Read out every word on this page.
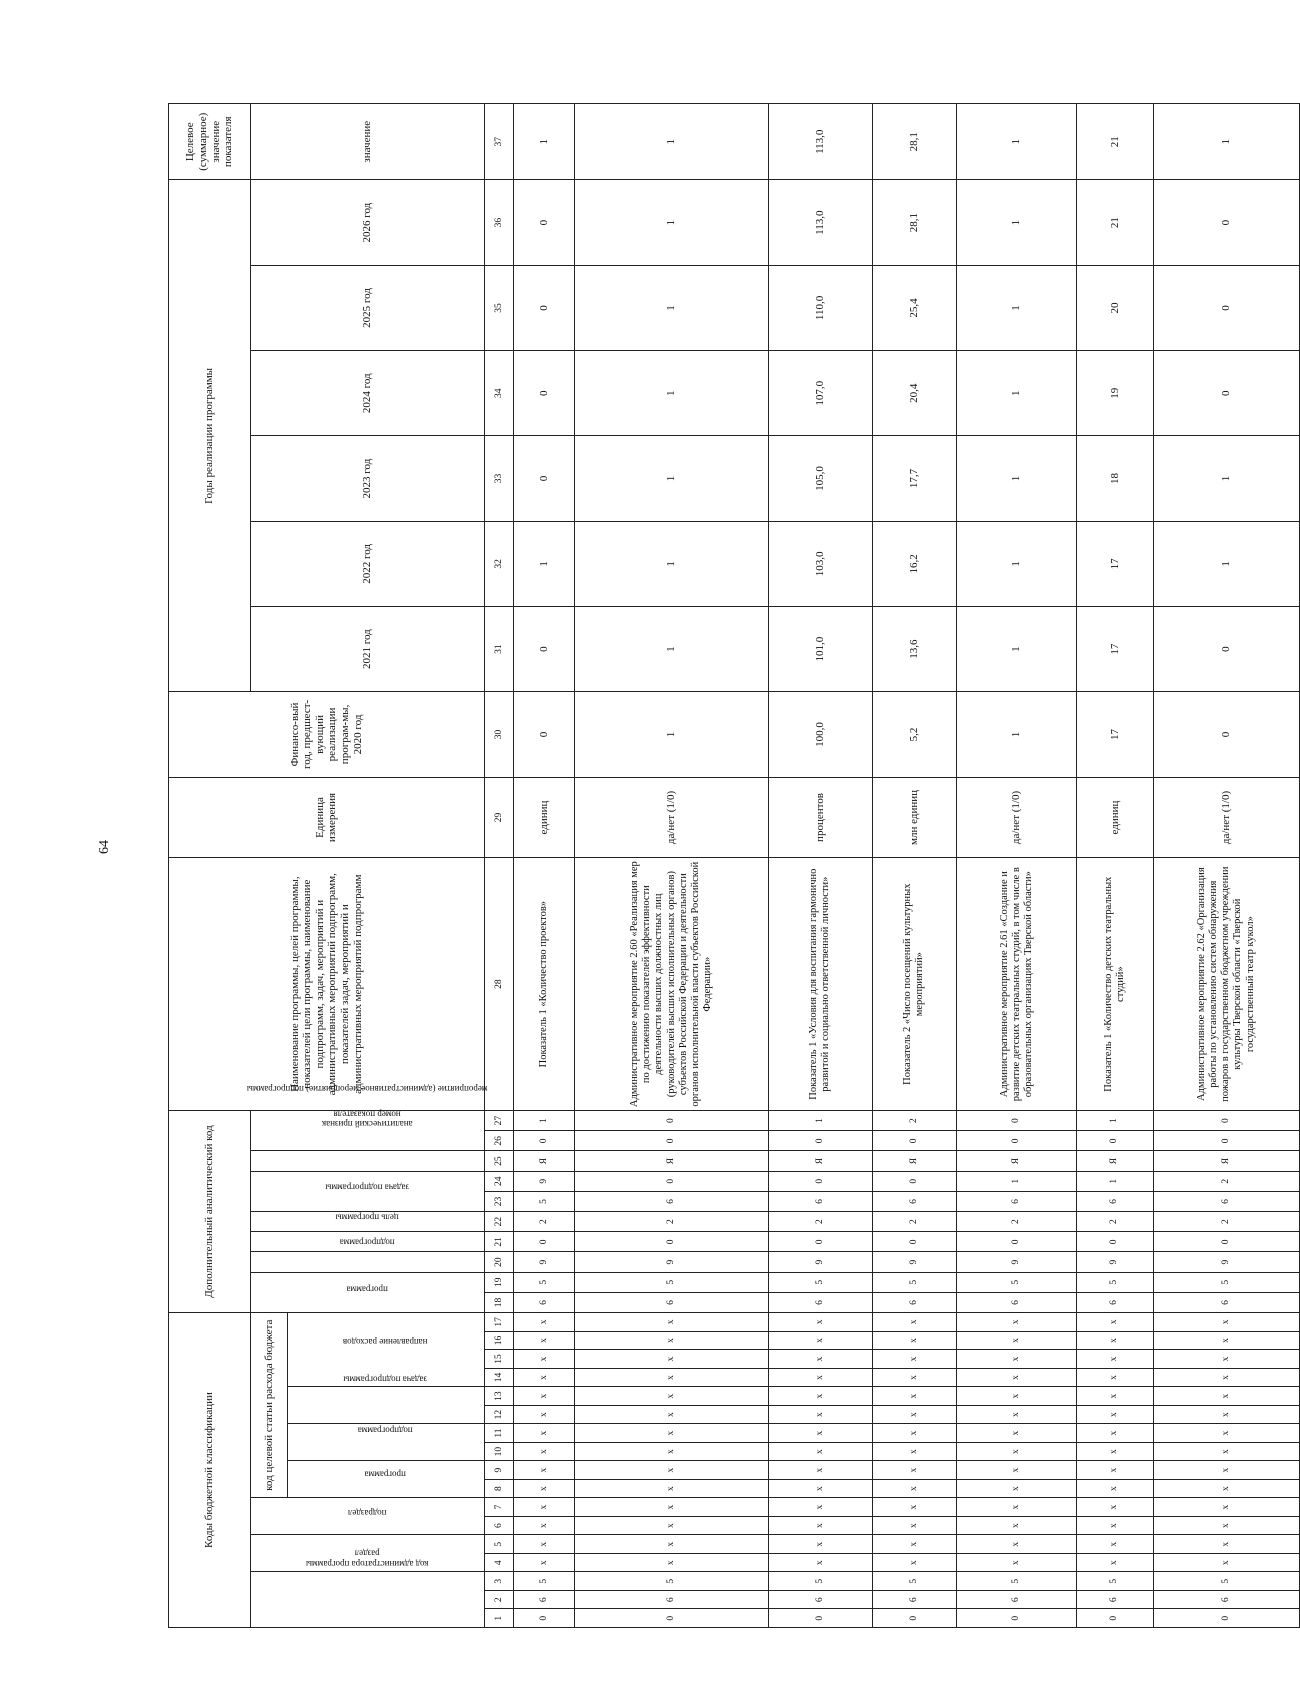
64
Коды бюджетной классификации																	Дополнительный аналитический код										Наименование программы, целей программы, показателей цели программы, наименование подпрограмм, задач, мероприятий и административных мероприятий подпрограмм, показателей задач, мероприятий и административных мероприятий подпрограмм	Единица измерения	Финансо-вый год, предшест-вующий реализации програм-мы, 2020 год	Годы реализации программы						Целевое (суммарное) значение показателя
код администратора программы			раздел		подраздел		код целевой статьи расхода бюджета										программа		подпрограмма	цель программы	задача подпрограммы	мероприятие (административное мероприятие) подпрограммы		аналитический признак	номер показателя					2021 год	2022 год	2023 год	2024 год	2025 год	2026 год	значение
							программа		подпрограмма		задача подпрограммы		направление расходов																							
1	2	3	4	5	6	7	8	9	10	11	12	13	14	15	16	17	18	19	20	21	22	23	24	25	26	27	28	29	30	31	32	33	34	35	36	37
0	6	5	х	х	х	х	х	х	х	х	х	х	х	х	х	х	6	5	9	0	2	5	9	Я	0	1	Показатель 1 «Количество проектов»	единиц	0	0	1	0	0	0	0	1
0	6	5	х	х	х	х	х	х	х	х	х	х	х	х	х	х	6	5	9	0	2	6	0	Я	0	0	Административное мероприятие 2.60 «Реализация мер по достижению показателей эффективности деятельности высших должностных лиц (руководителей высших исполнительных органов) субъектов Российской Федерации и деятельности органов исполнительной власти субъектов Российской Федерации»	да/нет (1/0)	1	1	1	1	1	1	1	1
0	6	5	х	х	х	х	х	х	х	х	х	х	х	х	х	х	6	5	9	0	2	6	0	Я	0	1	Показатель 1 «Условия для воспитания гармонично развитой и социально ответственной личности»	процентов	100,0	101,0	103,0	105,0	107,0	110,0	113,0	113,0
0	6	5	х	х	х	х	х	х	х	х	х	х	х	х	х	х	6	5	9	0	2	6	0	Я	0	2	Показатель 2 «Число посещений культурных мероприятий»	млн единиц	5,2	13,6	16,2	17,7	20,4	25,4	28,1	28,1
0	6	5	х	х	х	х	х	х	х	х	х	х	х	х	х	х	6	5	9	0	2	6	1	Я	0	0	Административное мероприятие 2.61 «Создание и развитие детских театральных студий, в том числе в образовательных организациях Тверской области»	да/нет (1/0)	1	1	1	1	1	1	1	1
0	6	5	х	х	х	х	х	х	х	х	х	х	х	х	х	х	6	5	9	0	2	6	1	Я	0	1	Показатель 1 «Количество детских театральных студий»	единиц	17	17	17	18	19	20	21	21
0	6	5	х	х	х	х	х	х	х	х	х	х	х	х	х	х	6	5	9	0	2	6	2	Я	0	0	Административное мероприятие 2.62 «Организация работы по установлению систем обнаружения пожаров в государственном бюджетном учреждении культуры Тверской области «Тверской государственный театр кукол»	да/нет (1/0)	0	0	1	1	0	0	0	1
